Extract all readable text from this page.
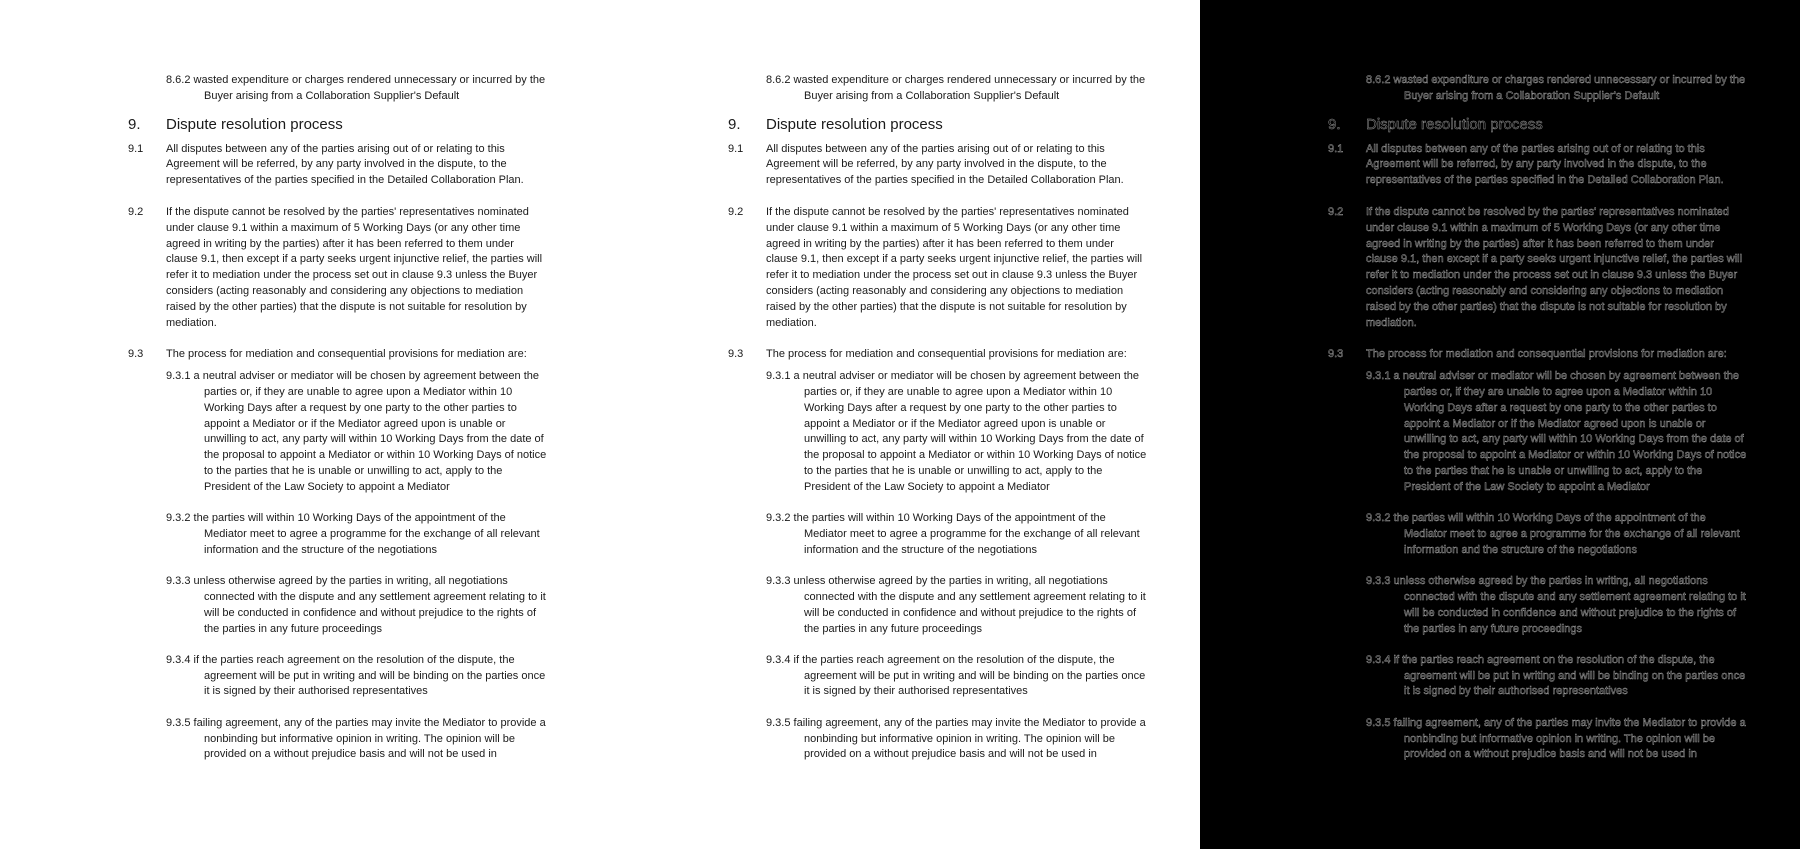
8.6.2 wasted expenditure or charges rendered unnecessary or incurred by the Buyer arising from a Collaboration Supplier's Default
9. Dispute resolution process
9.1 All disputes between any of the parties arising out of or relating to this Agreement will be referred, by any party involved in the dispute, to the representatives of the parties specified in the Detailed Collaboration Plan.
9.2 If the dispute cannot be resolved by the parties' representatives nominated under clause 9.1 within a maximum of 5 Working Days (or any other time agreed in writing by the parties) after it has been referred to them under clause 9.1, then except if a party seeks urgent injunctive relief, the parties will refer it to mediation under the process set out in clause 9.3 unless the Buyer considers (acting reasonably and considering any objections to mediation raised by the other parties) that the dispute is not suitable for resolution by mediation.
9.3 The process for mediation and consequential provisions for mediation are:
9.3.1 a neutral adviser or mediator will be chosen by agreement between the parties or, if they are unable to agree upon a Mediator within 10 Working Days after a request by one party to the other parties to appoint a Mediator or if the Mediator agreed upon is unable or unwilling to act, any party will within 10 Working Days from the date of the proposal to appoint a Mediator or within 10 Working Days of notice to the parties that he is unable or unwilling to act, apply to the President of the Law Society to appoint a Mediator
9.3.2 the parties will within 10 Working Days of the appointment of the Mediator meet to agree a programme for the exchange of all relevant information and the structure of the negotiations
9.3.3 unless otherwise agreed by the parties in writing, all negotiations connected with the dispute and any settlement agreement relating to it will be conducted in confidence and without prejudice to the rights of the parties in any future proceedings
9.3.4 if the parties reach agreement on the resolution of the dispute, the agreement will be put in writing and will be binding on the parties once it is signed by their authorised representatives
9.3.5 failing agreement, any of the parties may invite the Mediator to provide a nonbinding but informative opinion in writing. The opinion will be provided on a without prejudice basis and will not be used in
8.6.2 wasted expenditure or charges rendered unnecessary or incurred by the Buyer arising from a Collaboration Supplier's Default
9. Dispute resolution process
9.1 All disputes between any of the parties arising out of or relating to this Agreement will be referred, by any party involved in the dispute, to the representatives of the parties specified in the Detailed Collaboration Plan.
9.2 If the dispute cannot be resolved by the parties' representatives nominated under clause 9.1 within a maximum of 5 Working Days (or any other time agreed in writing by the parties) after it has been referred to them under clause 9.1, then except if a party seeks urgent injunctive relief, the parties will refer it to mediation under the process set out in clause 9.3 unless the Buyer considers (acting reasonably and considering any objections to mediation raised by the other parties) that the dispute is not suitable for resolution by mediation.
9.3 The process for mediation and consequential provisions for mediation are:
9.3.1 a neutral adviser or mediator will be chosen by agreement between the parties or, if they are unable to agree upon a Mediator within 10 Working Days after a request by one party to the other parties to appoint a Mediator or if the Mediator agreed upon is unable or unwilling to act, any party will within 10 Working Days from the date of the proposal to appoint a Mediator or within 10 Working Days of notice to the parties that he is unable or unwilling to act, apply to the President of the Law Society to appoint a Mediator
9.3.2 the parties will within 10 Working Days of the appointment of the Mediator meet to agree a programme for the exchange of all relevant information and the structure of the negotiations
9.3.3 unless otherwise agreed by the parties in writing, all negotiations connected with the dispute and any settlement agreement relating to it will be conducted in confidence and without prejudice to the rights of the parties in any future proceedings
9.3.4 if the parties reach agreement on the resolution of the dispute, the agreement will be put in writing and will be binding on the parties once it is signed by their authorised representatives
9.3.5 failing agreement, any of the parties may invite the Mediator to provide a nonbinding but informative opinion in writing. The opinion will be provided on a without prejudice basis and will not be used in
8.6.2 wasted expenditure or charges rendered unnecessary or incurred by the Buyer arising from a Collaboration Supplier's Default
9. Dispute resolution process
9.1 All disputes between any of the parties arising out of or relating to this Agreement will be referred, by any party involved in the dispute, to the representatives of the parties specified in the Detailed Collaboration Plan.
9.2 If the dispute cannot be resolved by the parties' representatives nominated under clause 9.1 within a maximum of 5 Working Days (or any other time agreed in writing by the parties) after it has been referred to them under clause 9.1, then except if a party seeks urgent injunctive relief, the parties will refer it to mediation under the process set out in clause 9.3 unless the Buyer considers (acting reasonably and considering any objections to mediation raised by the other parties) that the dispute is not suitable for resolution by mediation.
9.3 The process for mediation and consequential provisions for mediation are:
9.3.1 a neutral adviser or mediator will be chosen by agreement between the parties or, if they are unable to agree upon a Mediator within 10 Working Days after a request by one party to the other parties to appoint a Mediator or if the Mediator agreed upon is unable or unwilling to act, any party will within 10 Working Days from the date of the proposal to appoint a Mediator or within 10 Working Days of notice to the parties that he is unable or unwilling to act, apply to the President of the Law Society to appoint a Mediator
9.3.2 the parties will within 10 Working Days of the appointment of the Mediator meet to agree a programme for the exchange of all relevant information and the structure of the negotiations
9.3.3 unless otherwise agreed by the parties in writing, all negotiations connected with the dispute and any settlement agreement relating to it will be conducted in confidence and without prejudice to the rights of the parties in any future proceedings
9.3.4 if the parties reach agreement on the resolution of the dispute, the agreement will be put in writing and will be binding on the parties once it is signed by their authorised representatives
9.3.5 failing agreement, any of the parties may invite the Mediator to provide a nonbinding but informative opinion in writing. The opinion will be provided on a without prejudice basis and will not be used in
